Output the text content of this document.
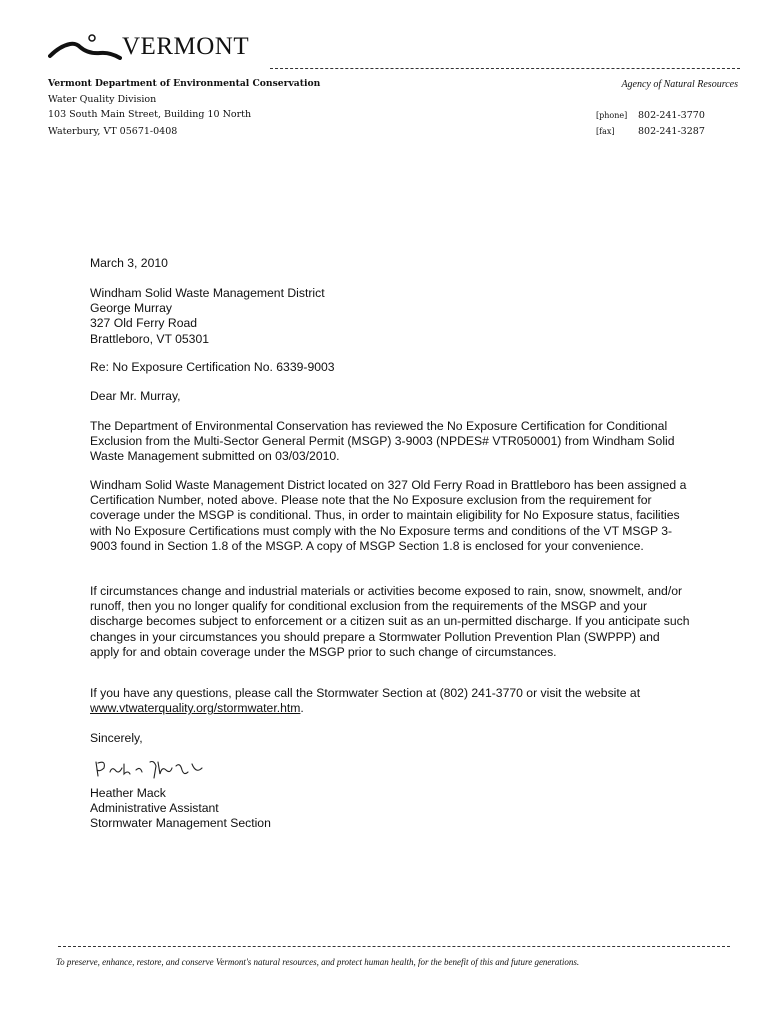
VERMONT
Vermont Department of Environmental Conservation	Agency of Natural Resources
Water Quality Division
103 South Main Street, Building 10 North
Waterbury, VT 05671-0408
[phone] 802-241-3770
[fax] 802-241-3287

March 3, 2010

Windham Solid Waste Management District

George Murray

327 Old Ferry Road

Brattleboro, VT 05301

Re: No Exposure Certification No. 6339-9003

Dear Mr. Murray,

The Department of Environmental Conservation has reviewed the No Exposure Certification for Conditional Exclusion from the Multi-Sector General Permit (MSGP) 3-9003 (NPDES# VTR050001) from Windham Solid Waste Management submitted on 03/03/2010.

Windham Solid Waste Management District located on 327 Old Ferry Road in Brattleboro has been assigned a Certification Number, noted above. Please note that the No Exposure exclusion from the requirement for coverage under the MSGP is conditional. Thus, in order to maintain eligibility for No Exposure status, facilities with No Exposure Certifications must comply with the No Exposure terms and conditions of the VT MSGP 3-9003 found in Section 1.8 of the MSGP. A copy of MSGP Section 1.8 is enclosed for your convenience.

If circumstances change and industrial materials or activities become exposed to rain, snow, snowmelt, and/or runoff, then you no longer qualify for conditional exclusion from the requirements of the MSGP and your discharge becomes subject to enforcement or a citizen suit as an un-permitted discharge. If you anticipate such changes in your circumstances you should prepare a Stormwater Pollution Prevention Plan (SWPPP) and apply for and obtain coverage under the MSGP prior to such change of circumstances.

If you have any questions, please call the Stormwater Section at (802) 241-3770 or visit the website at www.vtwaterquality.org/stormwater.htm.

Sincerely,

Heather Mack

Administrative Assistant

Stormwater Management Section

To preserve, enhance, restore, and conserve Vermont's natural resources, and protect human health, for the benefit of this and future generations.
